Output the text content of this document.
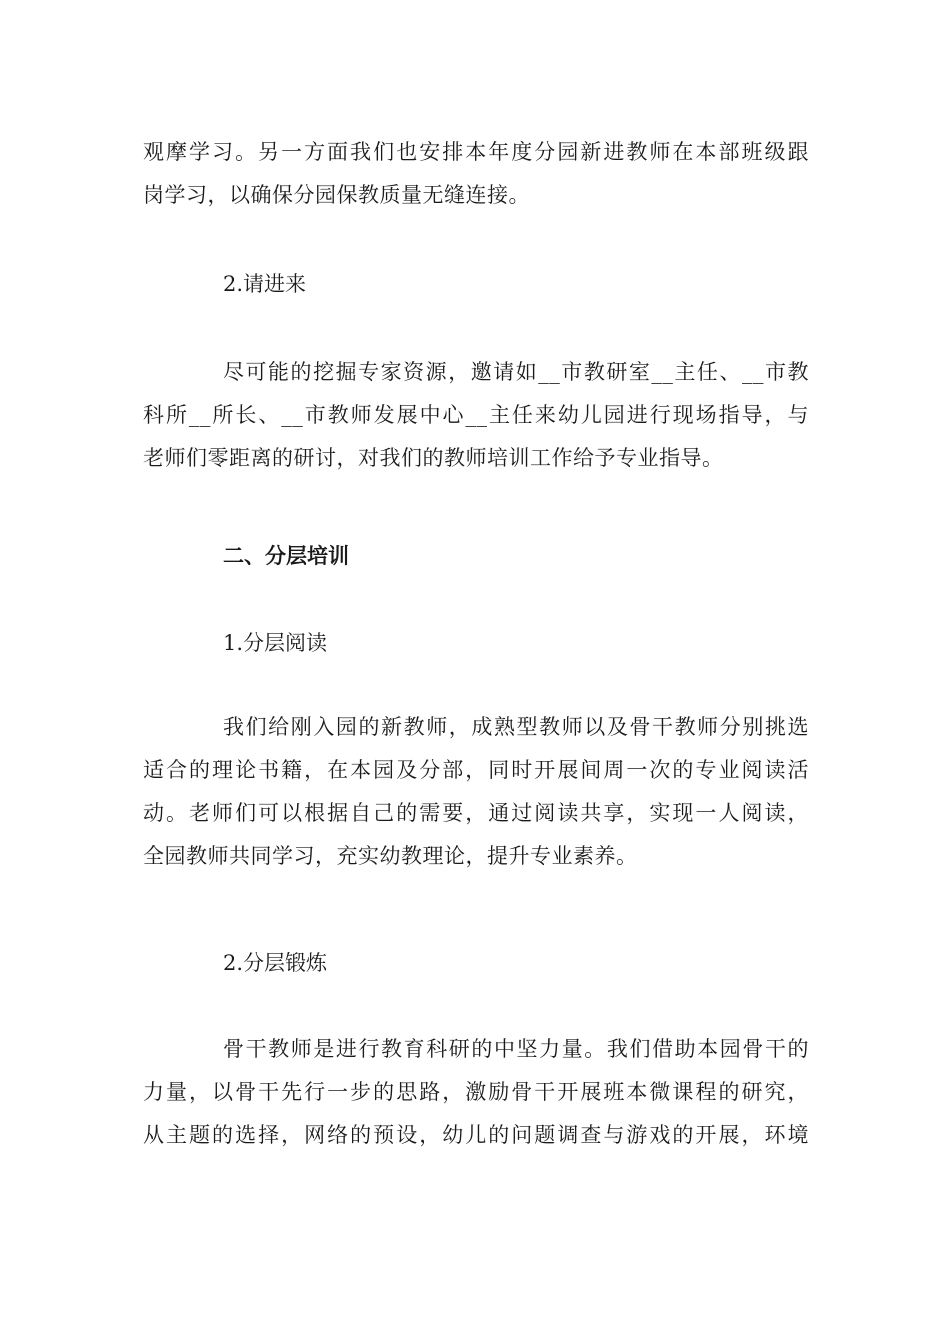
观摩学习。另一方面我们也安排本年度分园新进教师在本部班级跟
岗学习，以确保分园保教质量无缝连接。
2.请进来
尽可能的挖掘专家资源，邀请如__市教研室__主任、__市教
科所__所长、__市教师发展中心__主任来幼儿园进行现场指导，与
老师们零距离的研讨，对我们的教师培训工作给予专业指导。
二、分层培训
1.分层阅读
我们给刚入园的新教师，成熟型教师以及骨干教师分别挑选
适合的理论书籍，在本园及分部，同时开展间周一次的专业阅读活
动。老师们可以根据自己的需要，通过阅读共享，实现一人阅读，
全园教师共同学习，充实幼教理论，提升专业素养。
2.分层锻炼
骨干教师是进行教育科研的中坚力量。我们借助本园骨干的
力量，以骨干先行一步的思路，激励骨干开展班本微课程的研究，
从主题的选择，网络的预设，幼儿的问题调查与游戏的开展，环境
